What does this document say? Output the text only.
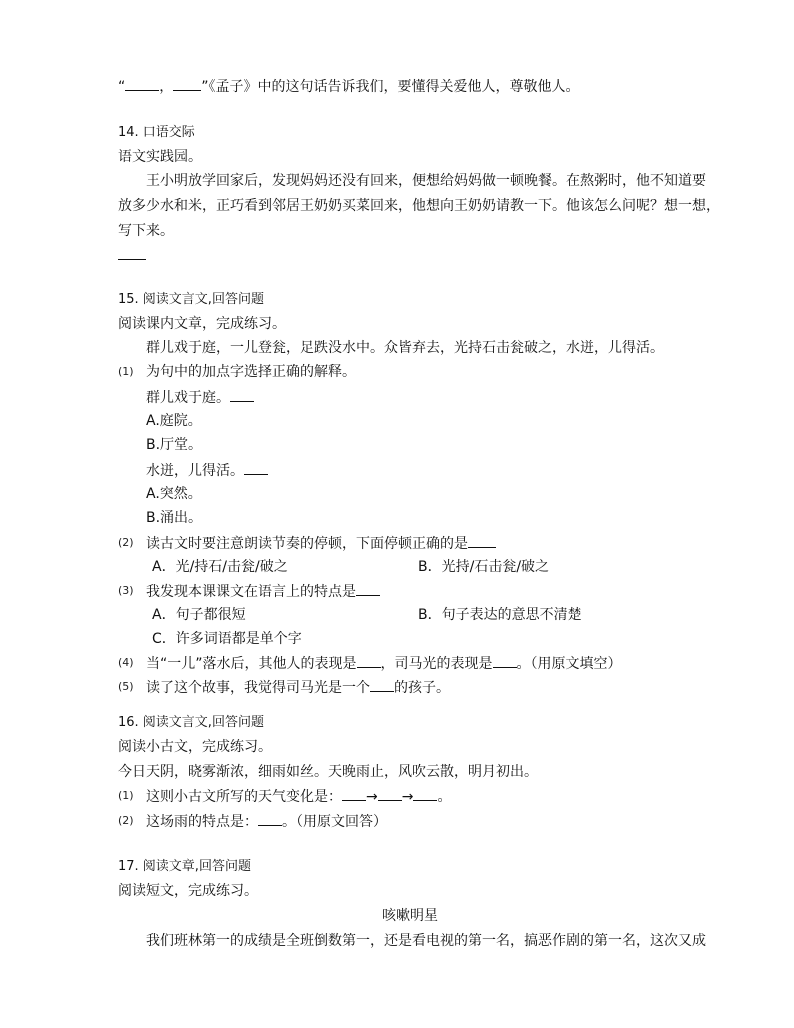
“ ， ”《孟子》中的这句话告诉我们，要懂得关爱他人，尊敬他人。
14. 口语交际
语文实践园。
王小明放学回家后，发现妈妈还没有回来，便想给妈妈做一顿晚餐。在熬粥时，他不知道要
放多少水和米，正巧看到邻居王奶奶买菜回来，他想向王奶奶请教一下。他该怎么问呢？想一想，
写下来。
15. 阅读文言文,回答问题
阅读课内文章，完成练习。
群儿戏于庭，一儿登瓮，足跌没水中。众皆弃去，光持石击瓮破之，水迸，儿得活。
(1) 为句中的加点字选择正确的解释。
群儿戏于庭。
A.庭院。
B.厅堂。
水迸，儿得活。
A.突然。
B.涌出。
(2) 读古文时要注意朗读节奏的停顿，下面停顿正确的是
A．光/持石/击瓮/破之	B．光持/石击瓮/破之
(3) 我发现本课课文在语言上的特点是
A．句子都很短	B．句子表达的意思不清楚
C．许多词语都是单个字
(4) 当“一儿”落水后，其他人的表现是 ，司马光的表现是 。（用原文填空）
(5) 读了这个故事，我觉得司马光是一个 的孩子。
16. 阅读文言文,回答问题
阅读小古文，完成练习。
今日天阴，晓雾渐浓，细雨如丝。天晚雨止，风吹云散，明月初出。
(1) 这则小古文所写的天气变化是： → → 。
(2) 这场雨的特点是： 。（用原文回答）
17. 阅读文章,回答问题
阅读短文，完成练习。
咳嗽明星
我们班林第一的成绩是全班倒数第一，还是看电视的第一名，搞恶作剧的第一名，这次又成
